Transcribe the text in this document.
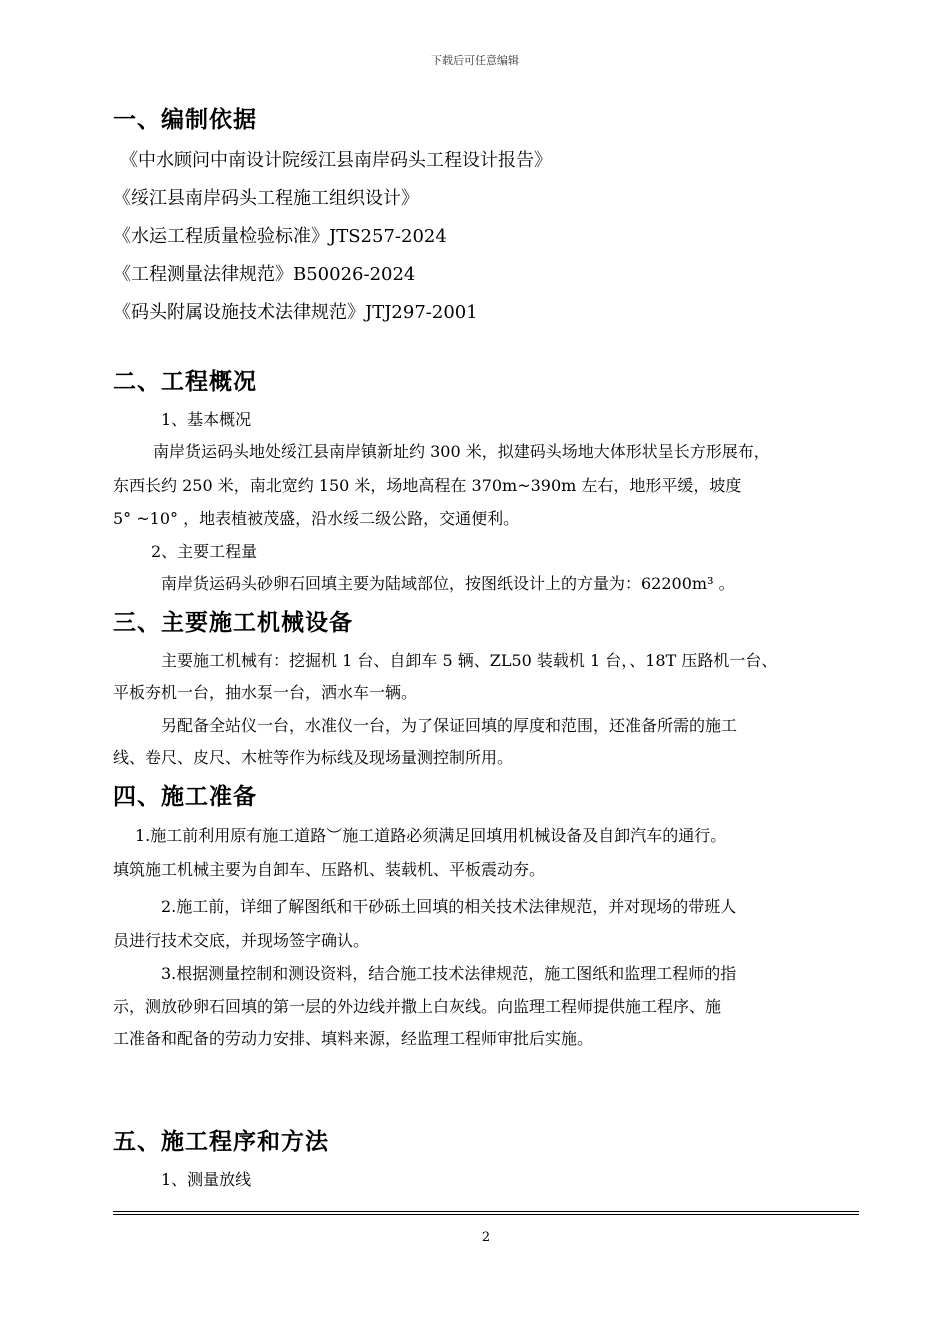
下载后可任意编辑
一、编制依据
《中水顾问中南设计院绥江县南岸码头工程设计报告》
《绥江县南岸码头工程施工组织设计》
《水运工程质量检验标准》JTS257-2024
《工程测量法律规范》B50026-2024
《码头附属设施技术法律规范》JTJ297-2001
二、工程概况
1、基本概况
南岸货运码头地处绥江县南岸镇新址约 300 米，拟建码头场地大体形状呈长方形展布，
东西长约 250 米，南北宽约 150 米，场地高程在 370m~390m 左右，地形平缓，坡度
5° ~10° ，地表植被茂盛，沿水绥二级公路，交通便利。
2、主要工程量
南岸货运码头砂卵石回填主要为陆域部位，按图纸设计上的方量为：62200m³ 。
三、主要施工机械设备
主要施工机械有：挖掘机 1 台、自卸车 5 辆、ZL50 装载机 1 台，、18T 压路机一台、
平板夯机一台，抽水泵一台，洒水车一辆。
另配备全站仪一台，水准仪一台，为了保证回填的厚度和范围，还准备所需的施工
线、卷尺、皮尺、木桩等作为标线及现场量测控制所用。
四、施工准备
1.施工前利用原有施工道路︶施工道路必须满足回填用机械设备及自卸汽车的通行。
填筑施工机械主要为自卸车、压路机、装载机、平板震动夯。
2.施工前，详细了解图纸和干砂砾土回填的相关技术法律规范，并对现场的带班人
员进行技术交底，并现场签字确认。
3.根据测量控制和测设资料，结合施工技术法律规范，施工图纸和监理工程师的指
示，测放砂卵石回填的第一层的外边线并撒上白灰线。向监理工程师提供施工程序、施
工准备和配备的劳动力安排、填料来源，经监理工程师审批后实施。
五、施工程序和方法
1、测量放线
2
